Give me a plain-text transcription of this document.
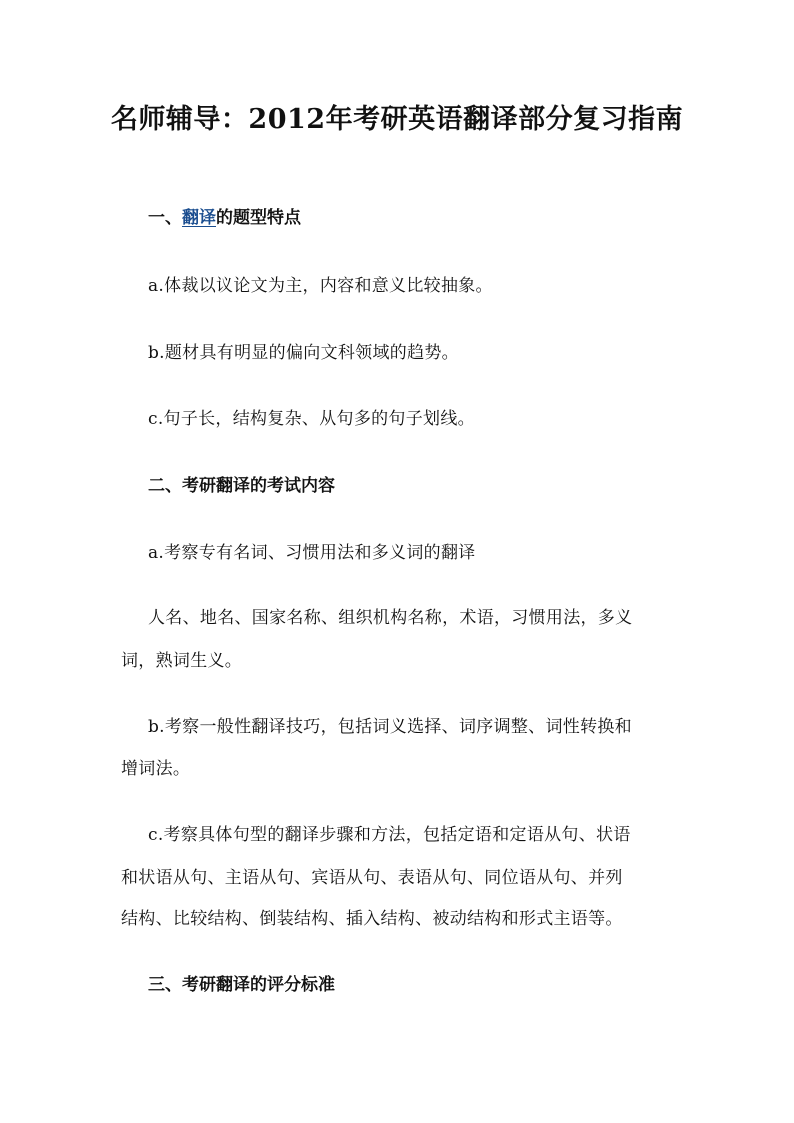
名师辅导：2012年考研英语翻译部分复习指南
一、翻译的题型特点
a.体裁以议论文为主，内容和意义比较抽象。
b.题材具有明显的偏向文科领域的趋势。
c.句子长，结构复杂、从句多的句子划线。
二、考研翻译的考试内容
a.考察专有名词、习惯用法和多义词的翻译
人名、地名、国家名称、组织机构名称，术语，习惯用法，多义
词，熟词生义。
b.考察一般性翻译技巧，包括词义选择、词序调整、词性转换和
增词法。
c.考察具体句型的翻译步骤和方法，包括定语和定语从句、状语
和状语从句、主语从句、宾语从句、表语从句、同位语从句、并列
结构、比较结构、倒装结构、插入结构、被动结构和形式主语等。
三、考研翻译的评分标准
